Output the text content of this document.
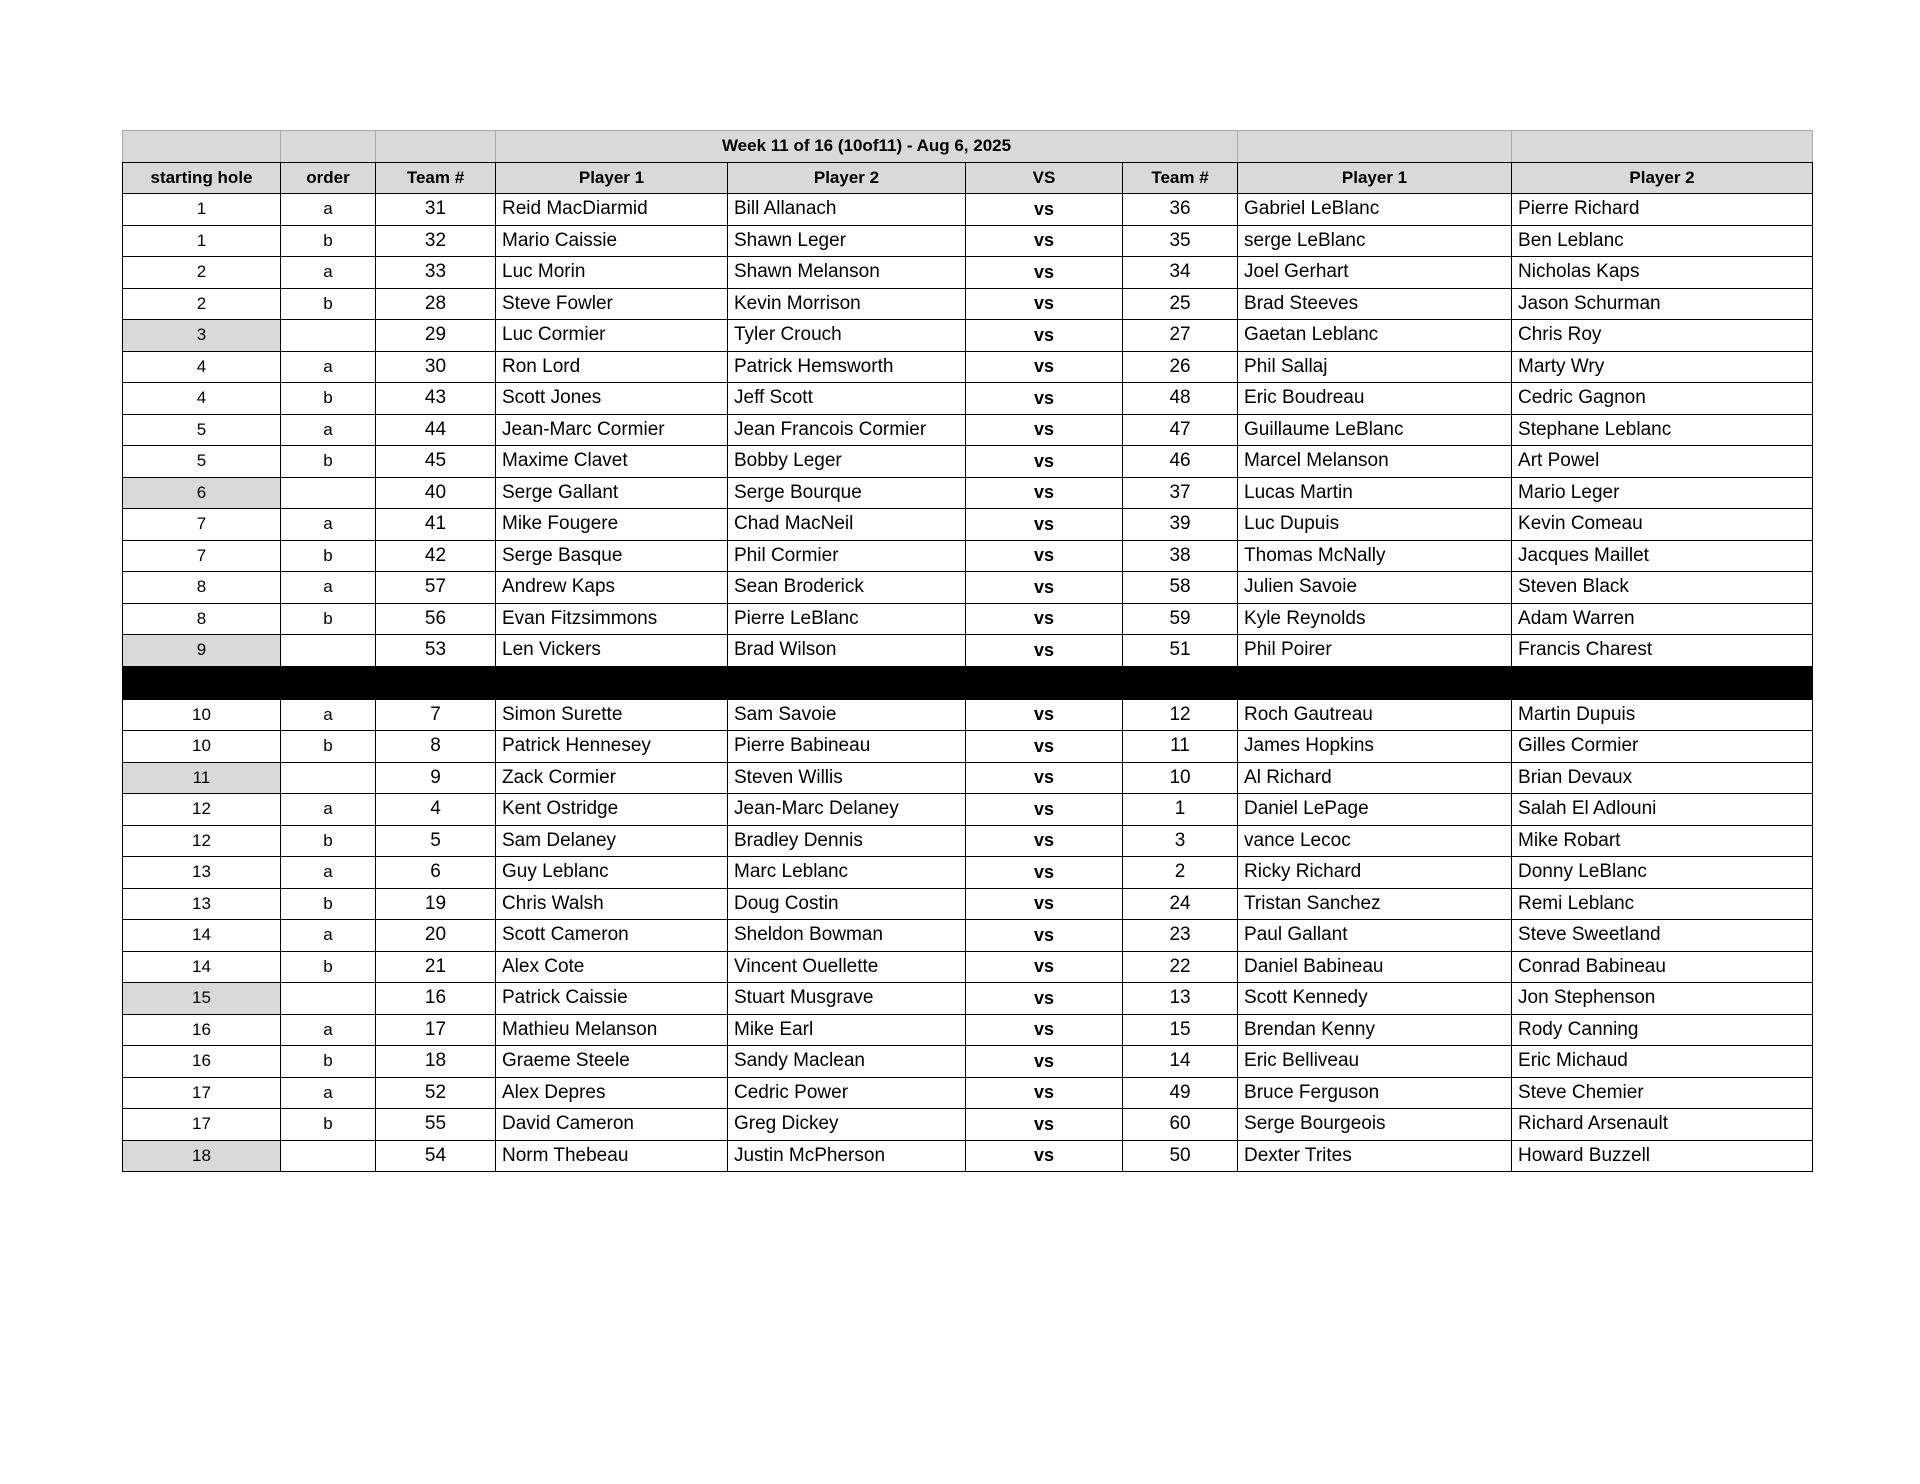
			Week 11 of 16 (10of11) - Aug 6, 2025					
starting hole	order	Team #	Player 1	Player 2	VS	Team #	Player 1	Player 2
1	a	31	Reid MacDiarmid	Bill Allanach	vs	36	Gabriel LeBlanc	Pierre Richard
1	b	32	Mario Caissie	Shawn Leger	vs	35	serge LeBlanc	Ben Leblanc
2	a	33	Luc Morin	Shawn Melanson	vs	34	Joel Gerhart	Nicholas Kaps
2	b	28	Steve Fowler	Kevin Morrison	vs	25	Brad Steeves	Jason Schurman
3		29	Luc Cormier	Tyler Crouch	vs	27	Gaetan Leblanc	Chris Roy
4	a	30	Ron Lord	Patrick Hemsworth	vs	26	Phil Sallaj	Marty Wry
4	b	43	Scott Jones	Jeff Scott	vs	48	Eric Boudreau	Cedric Gagnon
5	a	44	Jean-Marc Cormier	Jean Francois Cormier	vs	47	Guillaume LeBlanc	Stephane Leblanc
5	b	45	Maxime Clavet	Bobby Leger	vs	46	Marcel Melanson	Art Powel
6		40	Serge Gallant	Serge Bourque	vs	37	Lucas Martin	Mario Leger
7	a	41	Mike Fougere	Chad MacNeil	vs	39	Luc Dupuis	Kevin Comeau
7	b	42	Serge Basque	Phil Cormier	vs	38	Thomas McNally	Jacques Maillet
8	a	57	Andrew Kaps	Sean Broderick	vs	58	Julien Savoie	Steven Black
8	b	56	Evan Fitzsimmons	Pierre LeBlanc	vs	59	Kyle Reynolds	Adam Warren
9		53	Len Vickers	Brad Wilson	vs	51	Phil Poirer	Francis Charest

10	a	7	Simon Surette	Sam Savoie	vs	12	Roch Gautreau	Martin Dupuis
10	b	8	Patrick Hennesey	Pierre Babineau	vs	11	James Hopkins	Gilles Cormier
11		9	Zack Cormier	Steven Willis	vs	10	Al Richard	Brian Devaux
12	a	4	Kent Ostridge	Jean-Marc Delaney	vs	1	Daniel LePage	Salah El Adlouni
12	b	5	Sam Delaney	Bradley Dennis	vs	3	vance Lecoc	Mike Robart
13	a	6	Guy Leblanc	Marc Leblanc	vs	2	Ricky Richard	Donny LeBlanc
13	b	19	Chris Walsh	Doug Costin	vs	24	Tristan Sanchez	Remi Leblanc
14	a	20	Scott Cameron	Sheldon Bowman	vs	23	Paul Gallant	Steve Sweetland
14	b	21	Alex Cote	Vincent Ouellette	vs	22	Daniel Babineau	Conrad Babineau
15		16	Patrick Caissie	Stuart Musgrave	vs	13	Scott Kennedy	Jon Stephenson
16	a	17	Mathieu Melanson	Mike Earl	vs	15	Brendan Kenny	Rody Canning
16	b	18	Graeme Steele	Sandy Maclean	vs	14	Eric Belliveau	Eric Michaud
17	a	52	Alex Depres	Cedric Power	vs	49	Bruce Ferguson	Steve Chemier
17	b	55	David Cameron	Greg Dickey	vs	60	Serge Bourgeois	Richard Arsenault
18		54	Norm Thebeau	Justin McPherson	vs	50	Dexter Trites	Howard Buzzell
